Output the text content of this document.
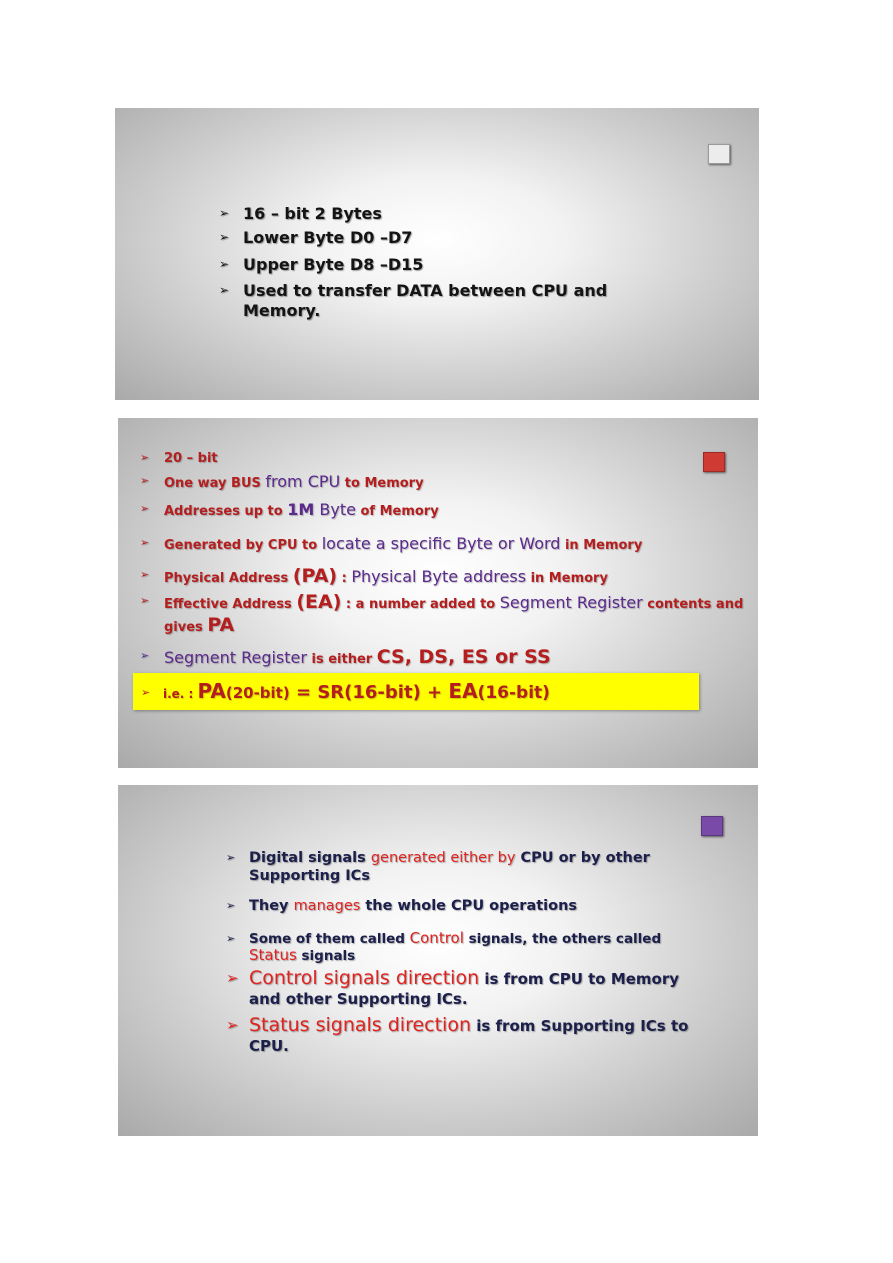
➢ 16 – bit 2 Bytes

➢ Lower Byte D0 –D7

➢ Upper Byte D8 –D15

➢ Used to transfer DATA between CPU and Memory.

➢	20 – bit

➢	One way BUS from CPU to Memory

➢	Addresses up to 1M Byte of Memory

➢	Generated by CPU to locate a specific Byte or Word in Memory

➢	Physical Address (PA) : Physical Byte address in Memory

➢	Effective Address (EA) : a number added to Segment Register contents and gives PA

➢ Segment Register is either CS, DS, ES or SS

➢ i.e. : PA(20-bit) = SR(16-bit) + EA(16-bit)

➢ Digital signals generated either by CPU or by other Supporting ICs

➢ They manages the whole CPU operations

➢	Some of them called Control signals, the others called Status signals

➢ Control signals direction is from CPU to Memory and other Supporting ICs.

➢ Status signals direction is from Supporting ICs to CPU.
